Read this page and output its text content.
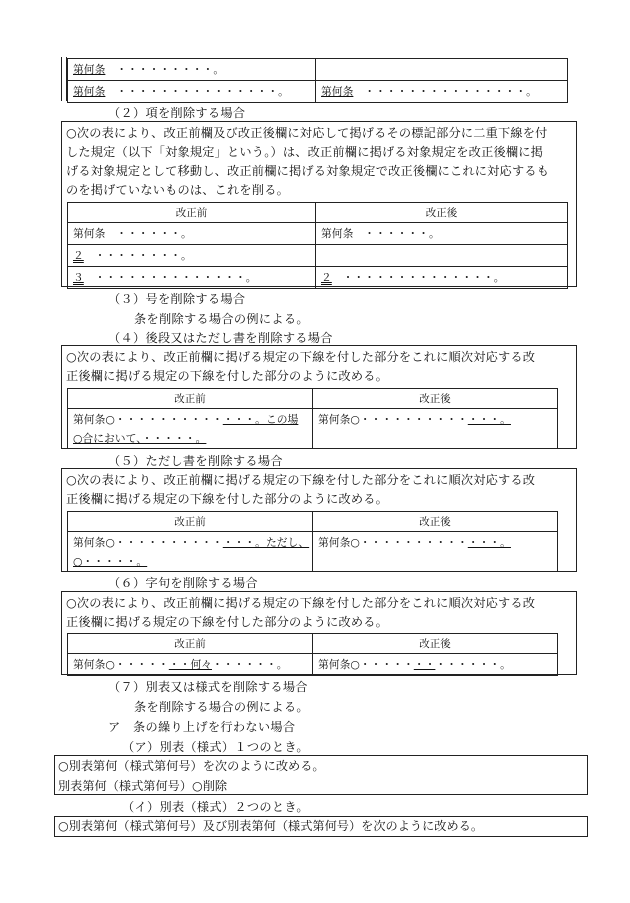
第何条　 ・・・・・・・・・。	
第何条　 ・・・・・・・・・・・・・・・。	第何条　 ・・・・・・・・・・・・・・・。
（２）項を削除する場合
○次の表により、改正前欄及び改正後欄に対応して掲げるその標記部分に二重下線を付
した規定（以下「対象規定」という。）は、改正前欄に掲げる対象規定を改正後欄に掲
げる対象規定として移動し、改正前欄に掲げる対象規定で改正後欄にこれに対応するも
のを掲げていないものは、これを削る。
改正前	改正後
第何条　・・・・・・。	第何条　・・・・・・。
２　 ・・・・・・・・。	
３　 ・・・・・・・・・・・・・・。	２　 ・・・・・・・・・・・・・・。
（３）号を削除する場合
条を削除する場合の例による。
（４）後段又はただし書を削除する場合
○次の表により、改正前欄に掲げる規定の下線を付した部分をこれに順次対応する改
正後欄に掲げる規定の下線を付した部分のように改める。
改正前	改正後

第何条○・・・・・・・・・・・・・。この場
○合において、・・・・・。	第何条○・・・・・・・・・・・・・。
（５）ただし書を削除する場合
○次の表により、改正前欄に掲げる規定の下線を付した部分をこれに順次対応する改
正後欄に掲げる規定の下線を付した部分のように改める。
改正前	改正後

第何条○・・・・・・・・・・・・・。ただし、
○・・・・・。	第何条○・・・・・・・・・・・・・。
（６）字句を削除する場合
○次の表により、改正前欄に掲げる規定の下線を付した部分をこれに順次対応する改
正後欄に掲げる規定の下線を付した部分のように改める。
改正前	改正後
第何条○・・・・・・・何々・・・・・・。	第何条○・・・・・・・・・・・・・。
（７）別表又は様式を削除する場合
条を削除する場合の例による。
ア　条の繰り上げを行わない場合
（ア）別表（様式）１つのとき。
○別表第何（様式第何号）を次のように改める。
別表第何（様式第何号）○削除
（イ）別表（様式）２つのとき。
○別表第何（様式第何号）及び別表第何（様式第何号）を次のように改める。
